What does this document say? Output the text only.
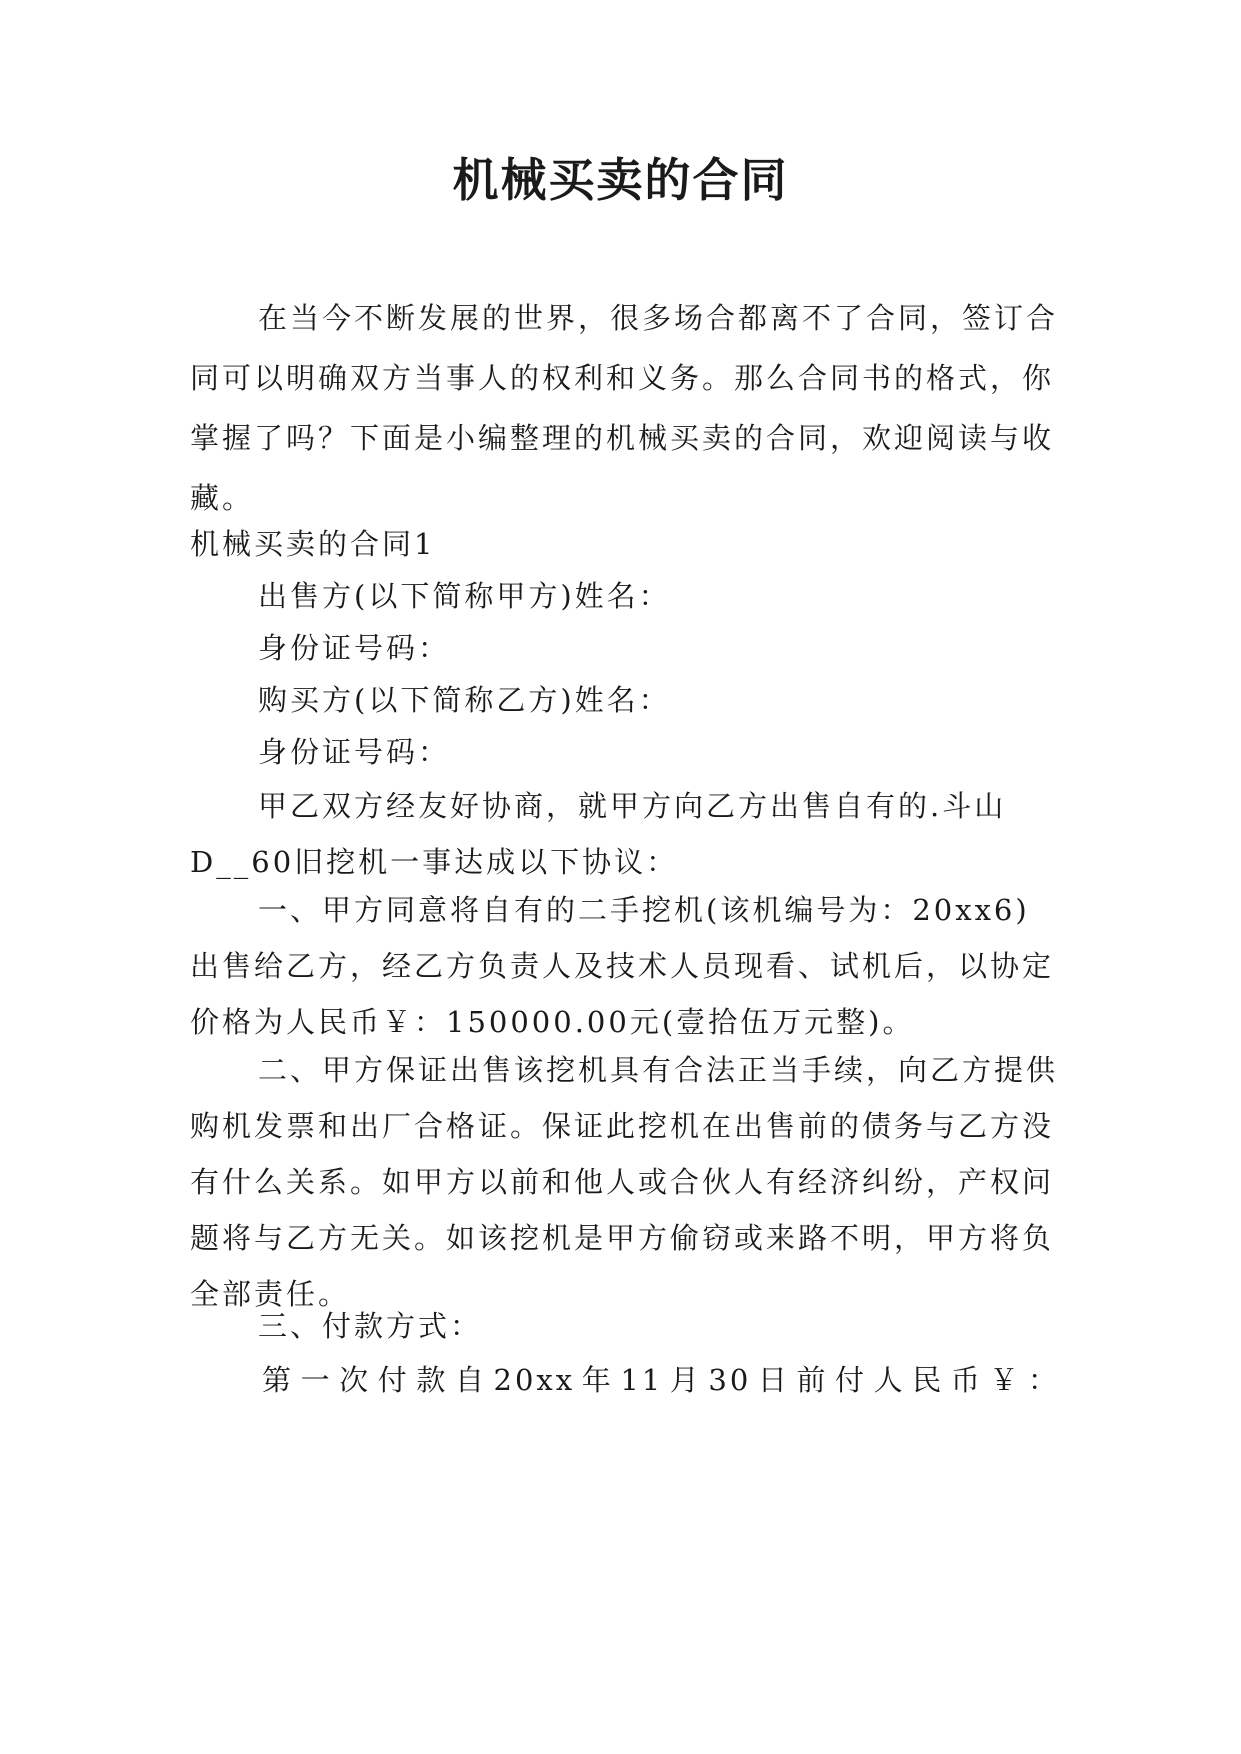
机械买卖的合同

在当今不断发展的世界，很多场合都离不了合同，签订合同可以明确双方当事人的权利和义务。那么合同书的格式，你掌握了吗？下面是小编整理的机械买卖的合同，欢迎阅读与收藏。

机械买卖的合同1

出售方(以下简称甲方)姓名：

身份证号码：

购买方(以下简称乙方)姓名：

身份证号码：

甲乙双方经友好协商，就甲方向乙方出售自有的.斗山D__60旧挖机一事达成以下协议：

一、甲方同意将自有的二手挖机(该机编号为：20xx6)出售给乙方，经乙方负责人及技术人员现看、试机后，以协定价格为人民币￥：150000.00元(壹拾伍万元整)。

二、甲方保证出售该挖机具有合法正当手续，向乙方提供购机发票和出厂合格证。保证此挖机在出售前的债务与乙方没有什么关系。如甲方以前和他人或合伙人有经济纠纷，产权问题将与乙方无关。如该挖机是甲方偷窃或来路不明，甲方将负全部责任。

三、付款方式：

第一次付款自20xx年11月30日前付人民币￥：
